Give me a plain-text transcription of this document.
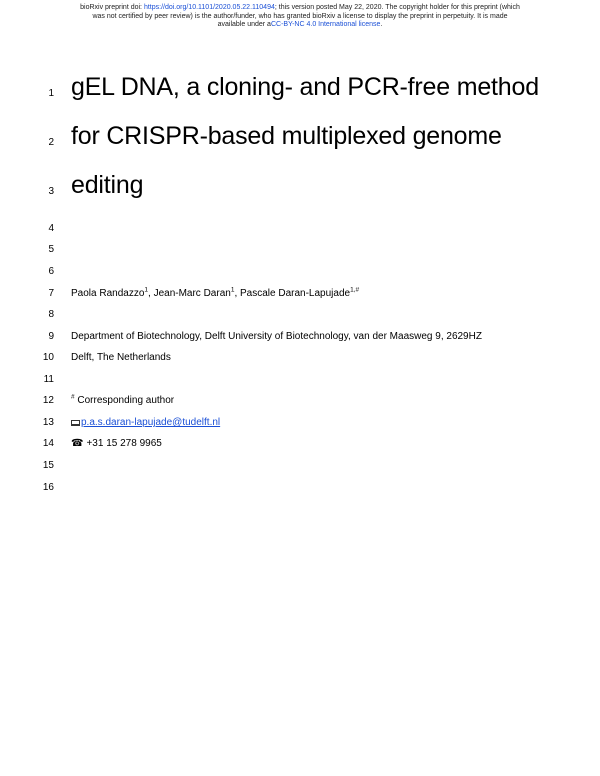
bioRxiv preprint doi: https://doi.org/10.1101/2020.05.22.110494; this version posted May 22, 2020. The copyright holder for this preprint (which
was not certified by peer review) is the author/funder, who has granted bioRxiv a license to display the preprint in perpetuity. It is made
available under aCC-BY-NC 4.0 International license.
1
2
3
4
5
6
7
8
9
10
11
12
13
14
15
16
gEL DNA, a cloning- and PCR-free method
for CRISPR-based multiplexed genome
editing
Paola Randazzo$^1$, Jean-Marc Daran$^1$, Pascale Daran-Lapujade$^{1,\#}$
Department of Biotechnology, Delft University of Biotechnology, van der Maasweg 9, 2629HZ
Delft, The Netherlands
# Corresponding author
p.a.s.daran-lapujade@tudelft.nl
☎ +31 15 278 9965
